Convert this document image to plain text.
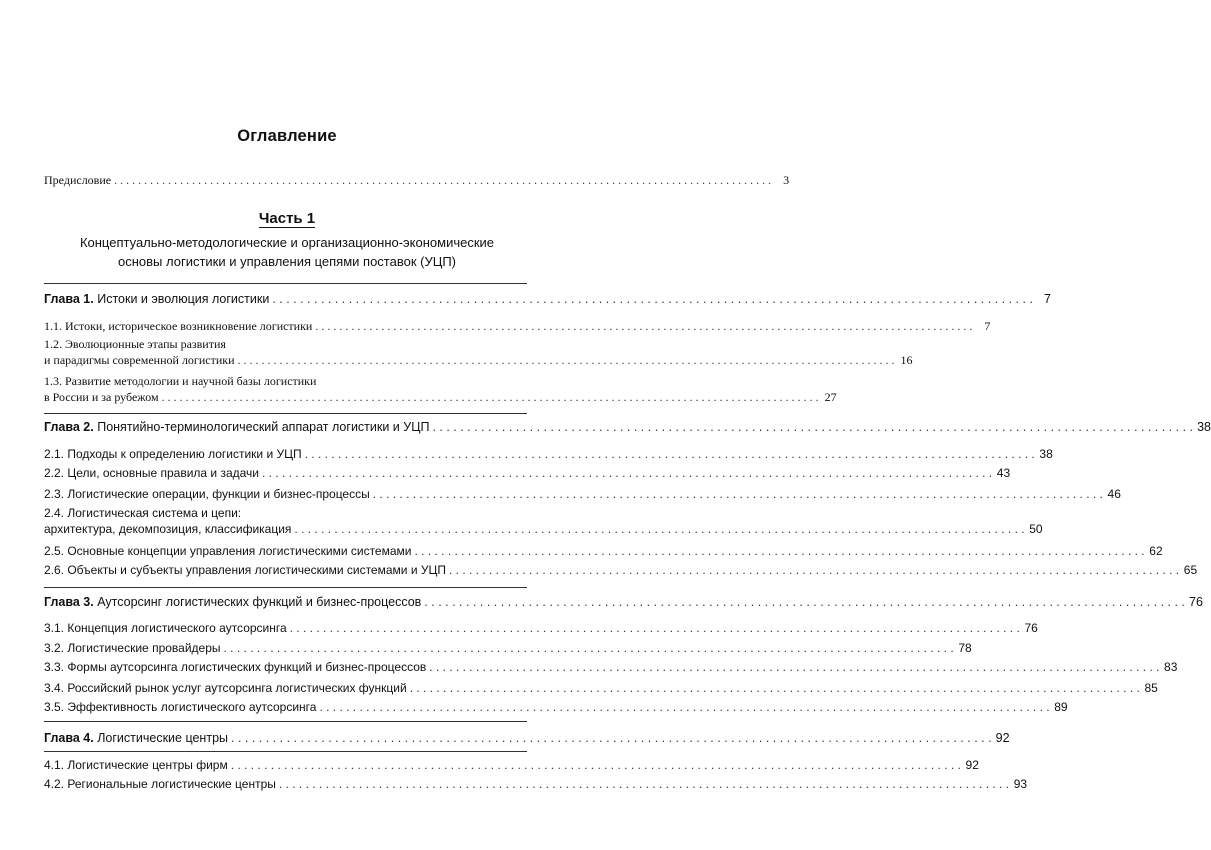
Оглавление
Предисловие . . .	3
Часть 1
Концептуально-методологические и организационно-экономические
основы логистики и управления цепями поставок (УЦП)
Глава 1. Истоки и эволюция логистики . . .	7
1.1. Истоки, историческое возникновение логистики . . .	7
1.2. Эволюционные этапы развития
и парадигмы современной логистики . . .	16
1.3. Развитие методологии и научной базы логистики
в России и за рубежом . . .	27
Глава 2. Понятийно-терминологический аппарат логистики и УЦП . . .	38
2.1. Подходы к определению логистики и УЦП . . .	38
2.2. Цели, основные правила и задачи . . .	43
2.3. Логистические операции, функции и бизнес-процессы . . .	46
2.4. Логистическая система и цепи:
архитектура, декомпозиция, классификация . . .	50
2.5. Основные концепции управления логистическими системами . . .	62
2.6. Объекты и субъекты управления логистическими системами и УЦП . . .	65
Глава 3. Аутсорсинг логистических функций и бизнес-процессов . . .	76
3.1. Концепция логистического аутсорсинга . . .	76
3.2. Логистические провайдеры . . .	78
3.3. Формы аутсорсинга логистических функций и бизнес-процессов . . .	83
3.4. Российский рынок услуг аутсорсинга логистических функций . . .	85
3.5. Эффективность логистического аутсорсинга . . .	89
Глава 4. Логистические центры . . .	92
4.1. Логистические центры фирм . . .	92
4.2. Региональные логистические центры . . .	93
